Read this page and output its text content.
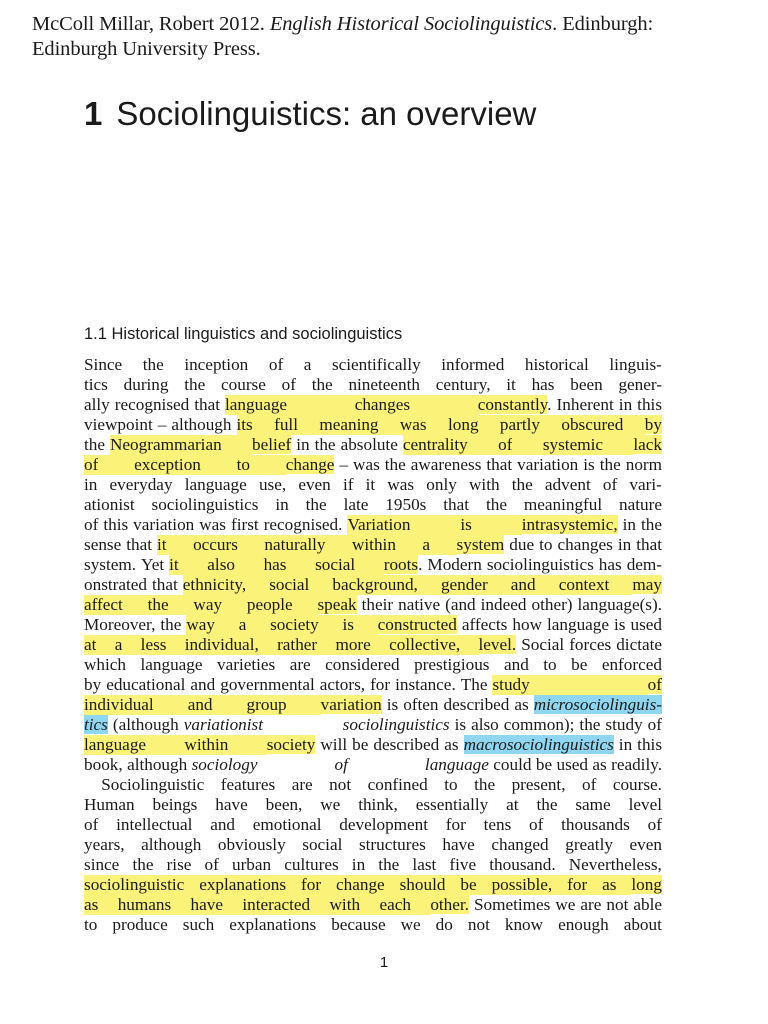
McColl Millar, Robert 2012. English Historical Sociolinguistics. Edinburgh:
Edinburgh University Press.
1 Sociolinguistics: an overview
1.1 Historical linguistics and sociolinguistics
Since the inception of a scientifically informed historical linguis-
tics during the course of the nineteenth century, it has been gener-
ally recognised that language	changes	constantly. Inherent in this
viewpoint – although its full meaning was long partly obscured by
the Neogrammarian belief in the absolute centrality of systemic lack
of exception to change – was the awareness that variation is the norm
in everyday language use, even if it was only with the advent of vari-
ationist sociolinguistics in the late 1950s that the meaningful nature
of this variation was first recognised. Variation	is	intrasystemic, in the
sense that it occurs naturally within a system due to changes in that
system. Yet it also has social roots. Modern sociolinguistics has dem-
onstrated that ethnicity, social background, gender and context may
affect the way people speak their native (and indeed other) language(s).
Moreover, the way a society is constructed affects how language is used
at a less individual, rather more collective, level. Social forces dictate
which language varieties are considered prestigious and to be enforced
by educational and governmental actors, for instance. The study	of
individual and group variation is often described as microsociolinguis-
tics (although variationist	sociolinguistics is also common); the study of
language within society will be described as macrosociolinguistics in this
book, although sociology	of	language could be used as readily.
 Sociolinguistic features are not confined to the present, of course.
Human beings have been, we think, essentially at the same level
of intellectual and emotional development for tens of thousands of
years, although obviously social structures have changed greatly even
since the rise of urban cultures in the last five thousand. Nevertheless,
sociolinguistic explanations for change should be possible, for as long
as humans have interacted with each other. Sometimes we are not able
to produce such explanations because we do not know enough about
1
